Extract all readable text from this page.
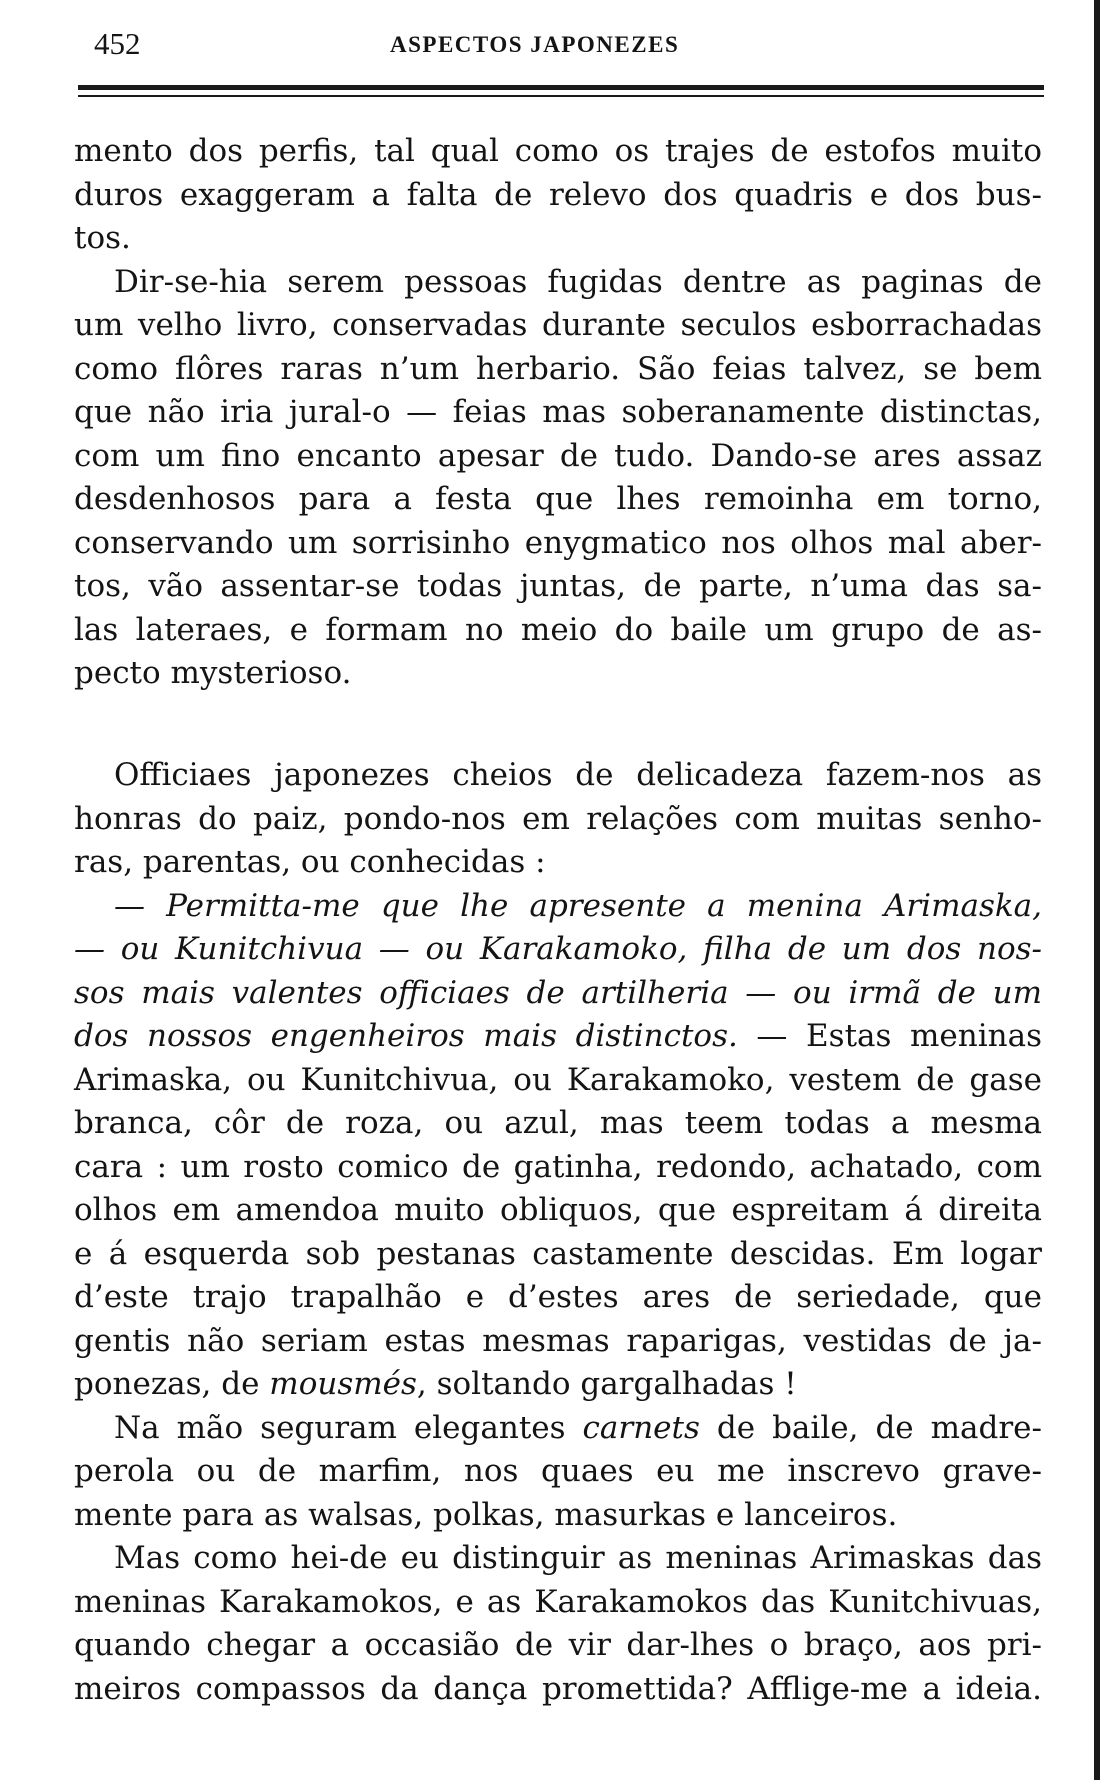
452	ASPECTOS JAPONEZES
mento dos perfis, tal qual como os trajes de estofos muito
duros exaggeram a falta de relevo dos quadris e dos bus-
tos.
Dir-se-hia serem pessoas fugidas dentre as paginas de
um velho livro, conservadas durante seculos esborrachadas
como flôres raras n’um herbario. São feias talvez, se bem
que não iria jural-o — feias mas soberanamente distinctas,
com um fino encanto apesar de tudo. Dando-se ares assaz
desdenhosos para a festa que lhes remoinha em torno,
conservando um sorrisinho enygmatico nos olhos mal aber-
tos, vão assentar-se todas juntas, de parte, n’uma das sa-
las lateraes, e formam no meio do baile um grupo de as-
pecto mysterioso.
Officiaes japonezes cheios de delicadeza fazem-nos as
honras do paiz, pondo-nos em relações com muitas senho-
ras, parentas, ou conhecidas :
— Permitta-me que lhe apresente a menina Arimaska,
— ou Kunitchivua — ou Karakamoko, filha de um dos nos-
sos mais valentes officiaes de artilheria — ou irmã de um
dos nossos engenheiros mais distinctos. — Estas meninas
Arimaska, ou Kunitchivua, ou Karakamoko, vestem de gase
branca, côr de roza, ou azul, mas teem todas a mesma
cara : um rosto comico de gatinha, redondo, achatado, com
olhos em amendoa muito obliquos, que espreitam á direita
e á esquerda sob pestanas castamente descidas. Em logar
d’este trajo trapalhão e d’estes ares de seriedade, que
gentis não seriam estas mesmas raparigas, vestidas de ja-
ponezas, de mousmés, soltando gargalhadas !
Na mão seguram elegantes carnets de baile, de madre-
perola ou de marfim, nos quaes eu me inscrevo grave-
mente para as walsas, polkas, masurkas e lanceiros.
Mas como hei-de eu distinguir as meninas Arimaskas das
meninas Karakamokos, e as Karakamokos das Kunitchivuas,
quando chegar a occasião de vir dar-lhes o braço, aos pri-
meiros compassos da dança promettida? Afflige-me a ideia.
